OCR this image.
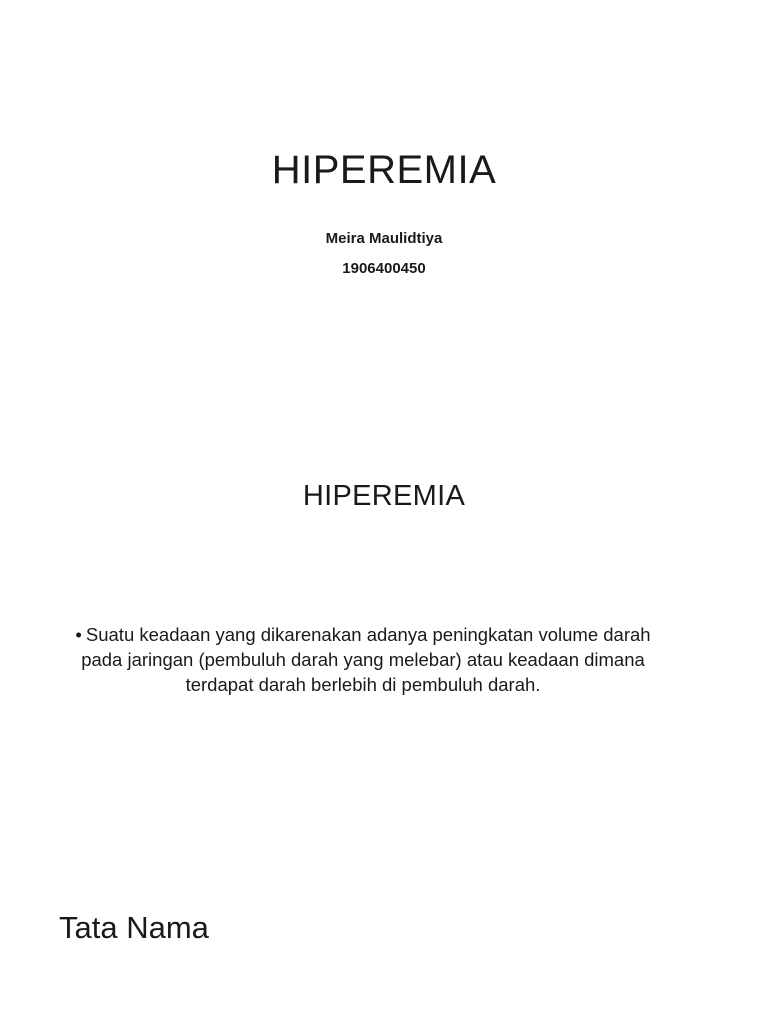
HIPEREMIA

Meira Maulidtiya

1906400450

HIPEREMIA

• Suatu keadaan yang dikarenakan adanya peningkatan volume darah pada jaringan (pembuluh darah yang melebar) atau keadaan dimana terdapat darah berlebih di pembuluh darah.

Tata Nama
